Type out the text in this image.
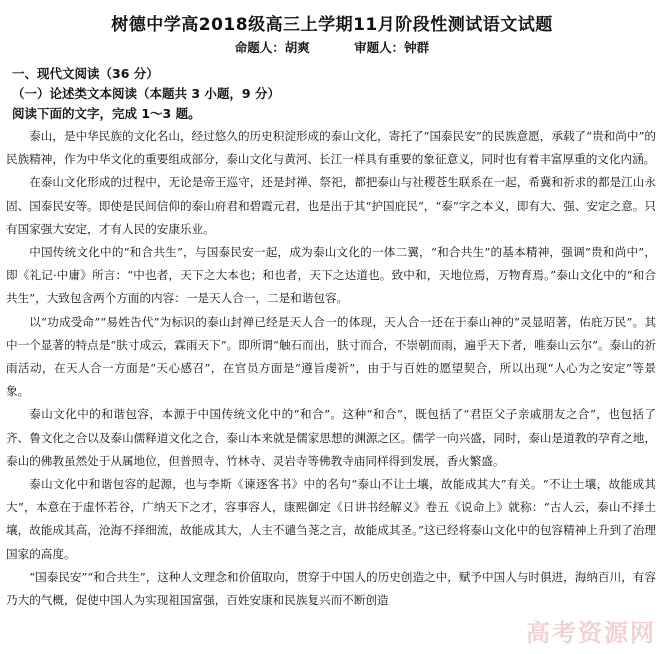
树德中学高2018级高三上学期11月阶段性测试语文试题
命题人：胡爽	审题人：钟群
一、现代文阅读（36 分）
（一）论述类文本阅读（本题共 3 小题，9 分）
阅读下面的文字，完成 1～3 题。

泰山，是中华民族的文化名山，经过悠久的历史积淀形成的泰山文化，寄托了“国泰民安”的民族意愿，承载了“贵和尚中”的民族精神，作为中华文化的重要组成部分，泰山文化与黄河、长江一样具有重要的象征意义，同时也有着丰富厚重的文化内涵。

在泰山文化形成的过程中，无论是帝王巡守，还是封禅、祭祀，都把泰山与社稷苍生联系在一起，希冀和祈求的都是江山永固、国泰民安等。即使是民间信仰的泰山府君和碧霞元君，也是出于其“护国庇民”，“泰”字之本义，即有大、强、安定之意。只有国家强大安定，才有人民的安康乐业。

中国传统文化中的“和合共生”，与国泰民安一起，成为泰山文化的一体二翼，“和合共生”的基本精神，强调“贵和尚中”，即《礼记·中庸》所言：“中也者，天下之大本也；和也者，天下之达道也。致中和，天地位焉，万物育焉。”泰山文化中的“和合共生”，大致包含两个方面的内容：一是天人合一，二是和谐包容。

以“功成受命”“易姓告代”为标识的泰山封禅已经是天人合一的体现，天人合一还在于泰山神的“灵显昭著，佑庇万民”。其中一个显著的特点是“肤寸成云，霖雨天下”。即所谓“触石而出，肤寸而合，不崇朝而雨，遍乎天下者，唯泰山云尔”。泰山的祈雨活动，在天人合一方面是“天心感召”，在官员方面是“遵旨虔祈”，由于与百姓的愿望契合，所以出现“人心为之安定”等景象。

泰山文化中的和谐包容，本源于中国传统文化中的“和合”。这种“和合”，既包括了“君臣父子亲戚朋友之合”，也包括了齐、鲁文化之合以及泰山儒释道文化之合，泰山本来就是儒家思想的渊源之区。儒学一向兴盛，同时，泰山是道教的孕育之地，泰山的佛教虽然处于从属地位，但普照寺、竹林寺、灵岩寺等佛教寺庙同样得到发展，香火繁盛。

泰山文化中和谐包容的起源，也与李斯《谏逐客书》中的名句“泰山不让土壤，故能成其大”有关。“不让土壤，故能成其大”，本意在于虚怀若谷，广纳天下之才，容事容人，康熙御定《日讲书经解义》卷五《说命上》就称：“古人云，泰山不择土壤，故能成其高，沧海不择细流，故能成其大，人主不谴刍荛之言，故能成其圣。”这已经将泰山文化中的包容精神上升到了治理国家的高度。

“国泰民安”“和合共生”，这种人文理念和价值取向，贯穿于中国人的历史创造之中，赋予中国人与时俱进，海纳百川，有容乃大的气概，促使中国人为实现祖国富强，百姓安康和民族复兴而不断创造

高考资源网
